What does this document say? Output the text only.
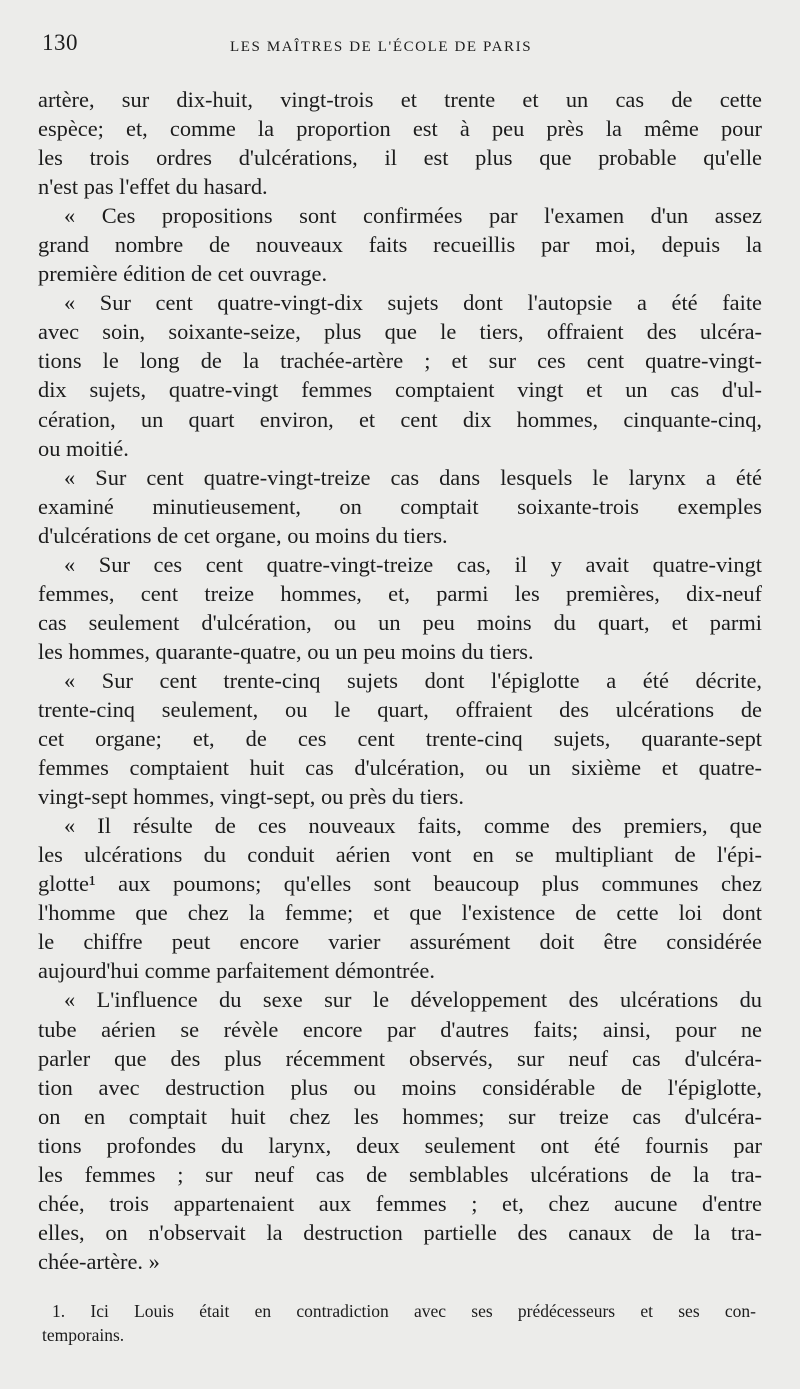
130	LES MAÎTRES DE L'ÉCOLE DE PARIS
artère, sur dix-huit, vingt-trois et trente et un cas de cette
espèce; et, comme la proportion est à peu près la même pour
les trois ordres d'ulcérations, il est plus que probable qu'elle
n'est pas l'effet du hasard.
« Ces propositions sont confirmées par l'examen d'un assez
grand nombre de nouveaux faits recueillis par moi, depuis la
première édition de cet ouvrage.
« Sur cent quatre-vingt-dix sujets dont l'autopsie a été faite
avec soin, soixante-seize, plus que le tiers, offraient des ulcéra-
tions le long de la trachée-artère ; et sur ces cent quatre-vingt-
dix sujets, quatre-vingt femmes comptaient vingt et un cas d'ul-
cération, un quart environ, et cent dix hommes, cinquante-cinq,
ou moitié.
« Sur cent quatre-vingt-treize cas dans lesquels le larynx a été
examiné minutieusement, on comptait soixante-trois exemples
d'ulcérations de cet organe, ou moins du tiers.
« Sur ces cent quatre-vingt-treize cas, il y avait quatre-vingt
femmes, cent treize hommes, et, parmi les premières, dix-neuf
cas seulement d'ulcération, ou un peu moins du quart, et parmi
les hommes, quarante-quatre, ou un peu moins du tiers.
« Sur cent trente-cinq sujets dont l'épiglotte a été décrite,
trente-cinq seulement, ou le quart, offraient des ulcérations de
cet organe; et, de ces cent trente-cinq sujets, quarante-sept
femmes comptaient huit cas d'ulcération, ou un sixième et quatre-
vingt-sept hommes, vingt-sept, ou près du tiers.
« Il résulte de ces nouveaux faits, comme des premiers, que
les ulcérations du conduit aérien vont en se multipliant de l'épi-
glotte¹ aux poumons; qu'elles sont beaucoup plus communes chez
l'homme que chez la femme; et que l'existence de cette loi dont
le chiffre peut encore varier assurément doit être considérée
aujourd'hui comme parfaitement démontrée.
« L'influence du sexe sur le développement des ulcérations du
tube aérien se révèle encore par d'autres faits; ainsi, pour ne
parler que des plus récemment observés, sur neuf cas d'ulcéra-
tion avec destruction plus ou moins considérable de l'épiglotte,
on en comptait huit chez les hommes; sur treize cas d'ulcéra-
tions profondes du larynx, deux seulement ont été fournis par
les femmes ; sur neuf cas de semblables ulcérations de la tra-
chée, trois appartenaient aux femmes ; et, chez aucune d'entre
elles, on n'observait la destruction partielle des canaux de la tra-
chée-artère. »
1. Ici Louis était en contradiction avec ses prédécesseurs et ses con-
temporains.
